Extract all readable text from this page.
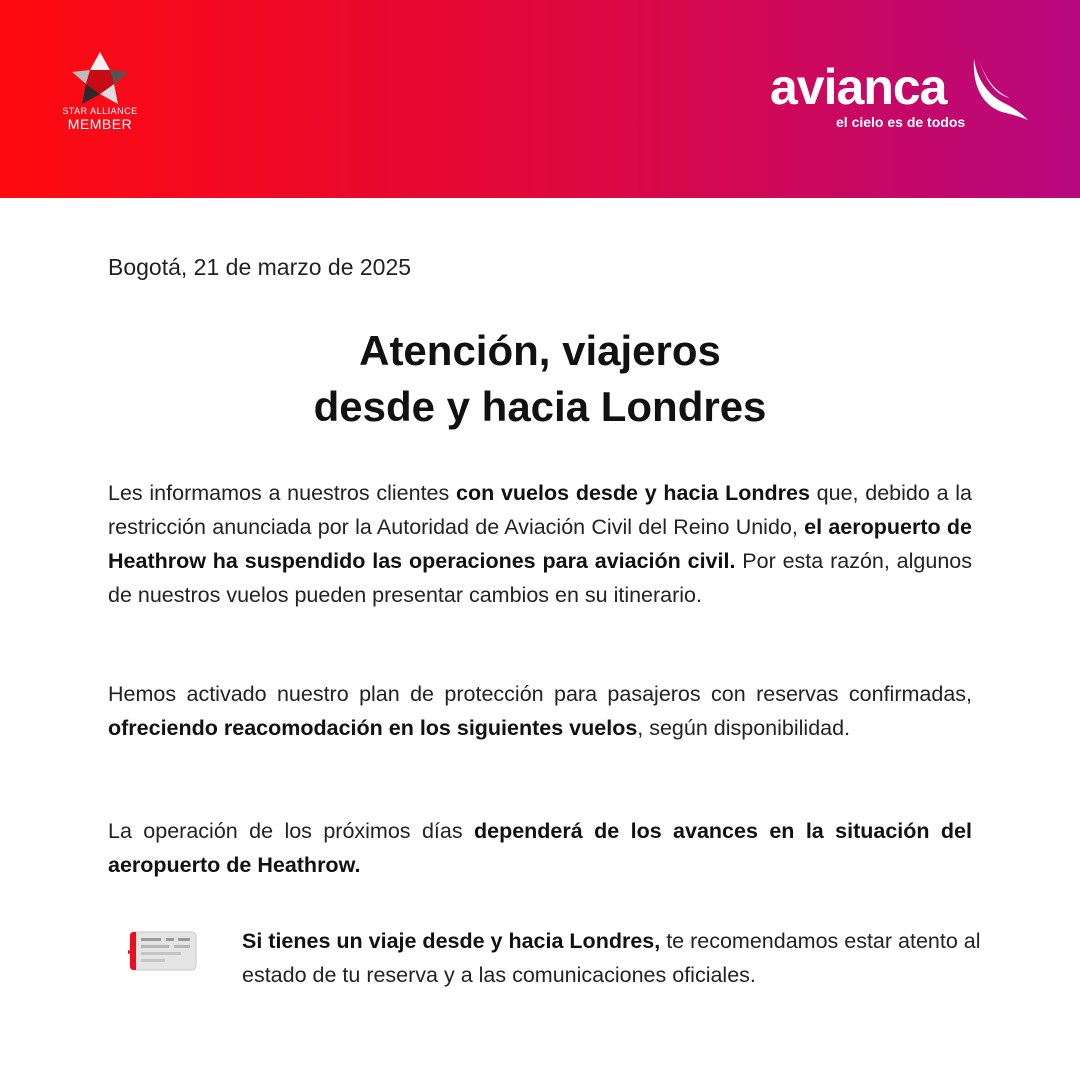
STAR ALLIANCE
MEMBER
avianca
el cielo es de todos
Bogotá, 21 de marzo de 2025
Atención, viajeros
desde y hacia Londres
Les informamos a nuestros clientes con vuelos desde y hacia Londres que, debido a la restricción anunciada por la Autoridad de Aviación Civil del Reino Unido, el aeropuerto de Heathrow ha suspendido las operaciones para aviación civil. Por esta razón, algunos de nuestros vuelos pueden presentar cambios en su itinerario.
Hemos activado nuestro plan de protección para pasajeros con reservas confirmadas, ofreciendo reacomodación en los siguientes vuelos, según disponibilidad.
La operación de los próximos días dependerá de los avances en la situación del aeropuerto de Heathrow.
Si tienes un viaje desde y hacia Londres, te recomendamos estar atento al estado de tu reserva y a las comunicaciones oficiales.
